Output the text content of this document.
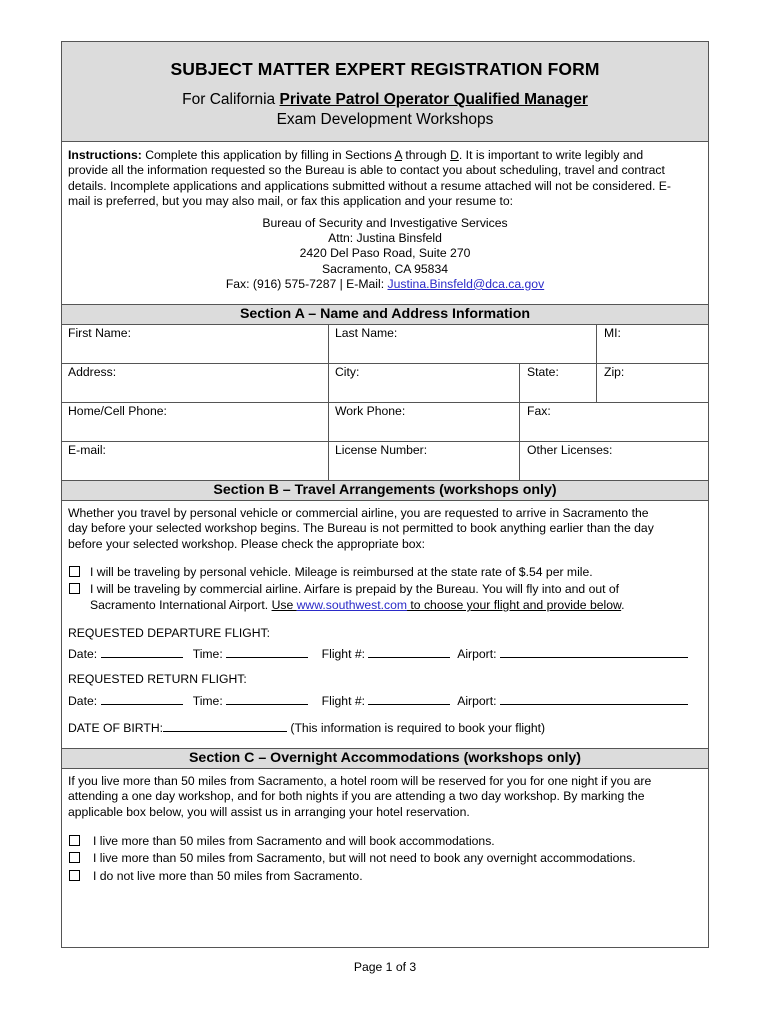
SUBJECT MATTER EXPERT REGISTRATION FORM
For California Private Patrol Operator Qualified Manager
Exam Development Workshops
Instructions: Complete this application by filling in Sections A through D. It is important to write legibly and
provide all the information requested so the Bureau is able to contact you about scheduling, travel and contract
details. Incomplete applications and applications submitted without a resume attached will not be considered. E-
mail is preferred, but you may also mail, or fax this application and your resume to:
Bureau of Security and Investigative Services
Attn: Justina Binsfeld
2420 Del Paso Road, Suite 270
Sacramento, CA 95834
Fax: (916) 575-7287 | E-Mail: Justina.Binsfeld@dca.ca.gov
Section A – Name and Address Information
First Name:	Last Name:	MI:
Address:	City:	State:	Zip:
Home/Cell Phone:	Work Phone:	Fax:
E-mail:	License Number:	Other Licenses:
Section B – Travel Arrangements (workshops only)
Whether you travel by personal vehicle or commercial airline, you are requested to arrive in Sacramento the
day before your selected workshop begins. The Bureau is not permitted to book anything earlier than the day
before your selected workshop. Please check the appropriate box:
I will be traveling by personal vehicle. Mileage is reimbursed at the state rate of $.54 per mile.
I will be traveling by commercial airline. Airfare is prepaid by the Bureau. You will fly into and out of
Sacramento International Airport. Use www.southwest.com to choose your flight and provide below.
REQUESTED DEPARTURE FLIGHT:
Date:	Time:	Flight #:	Airport:
REQUESTED RETURN FLIGHT:
Date:	Time:	Flight #:	Airport:
DATE OF BIRTH:	(This information is required to book your flight)
Section C – Overnight Accommodations (workshops only)
If you live more than 50 miles from Sacramento, a hotel room will be reserved for you for one night if you are
attending a one day workshop, and for both nights if you are attending a two day workshop. By marking the
applicable box below, you will assist us in arranging your hotel reservation.
I live more than 50 miles from Sacramento and will book accommodations.
I live more than 50 miles from Sacramento, but will not need to book any overnight accommodations.
I do not live more than 50 miles from Sacramento.
Page 1 of 3
